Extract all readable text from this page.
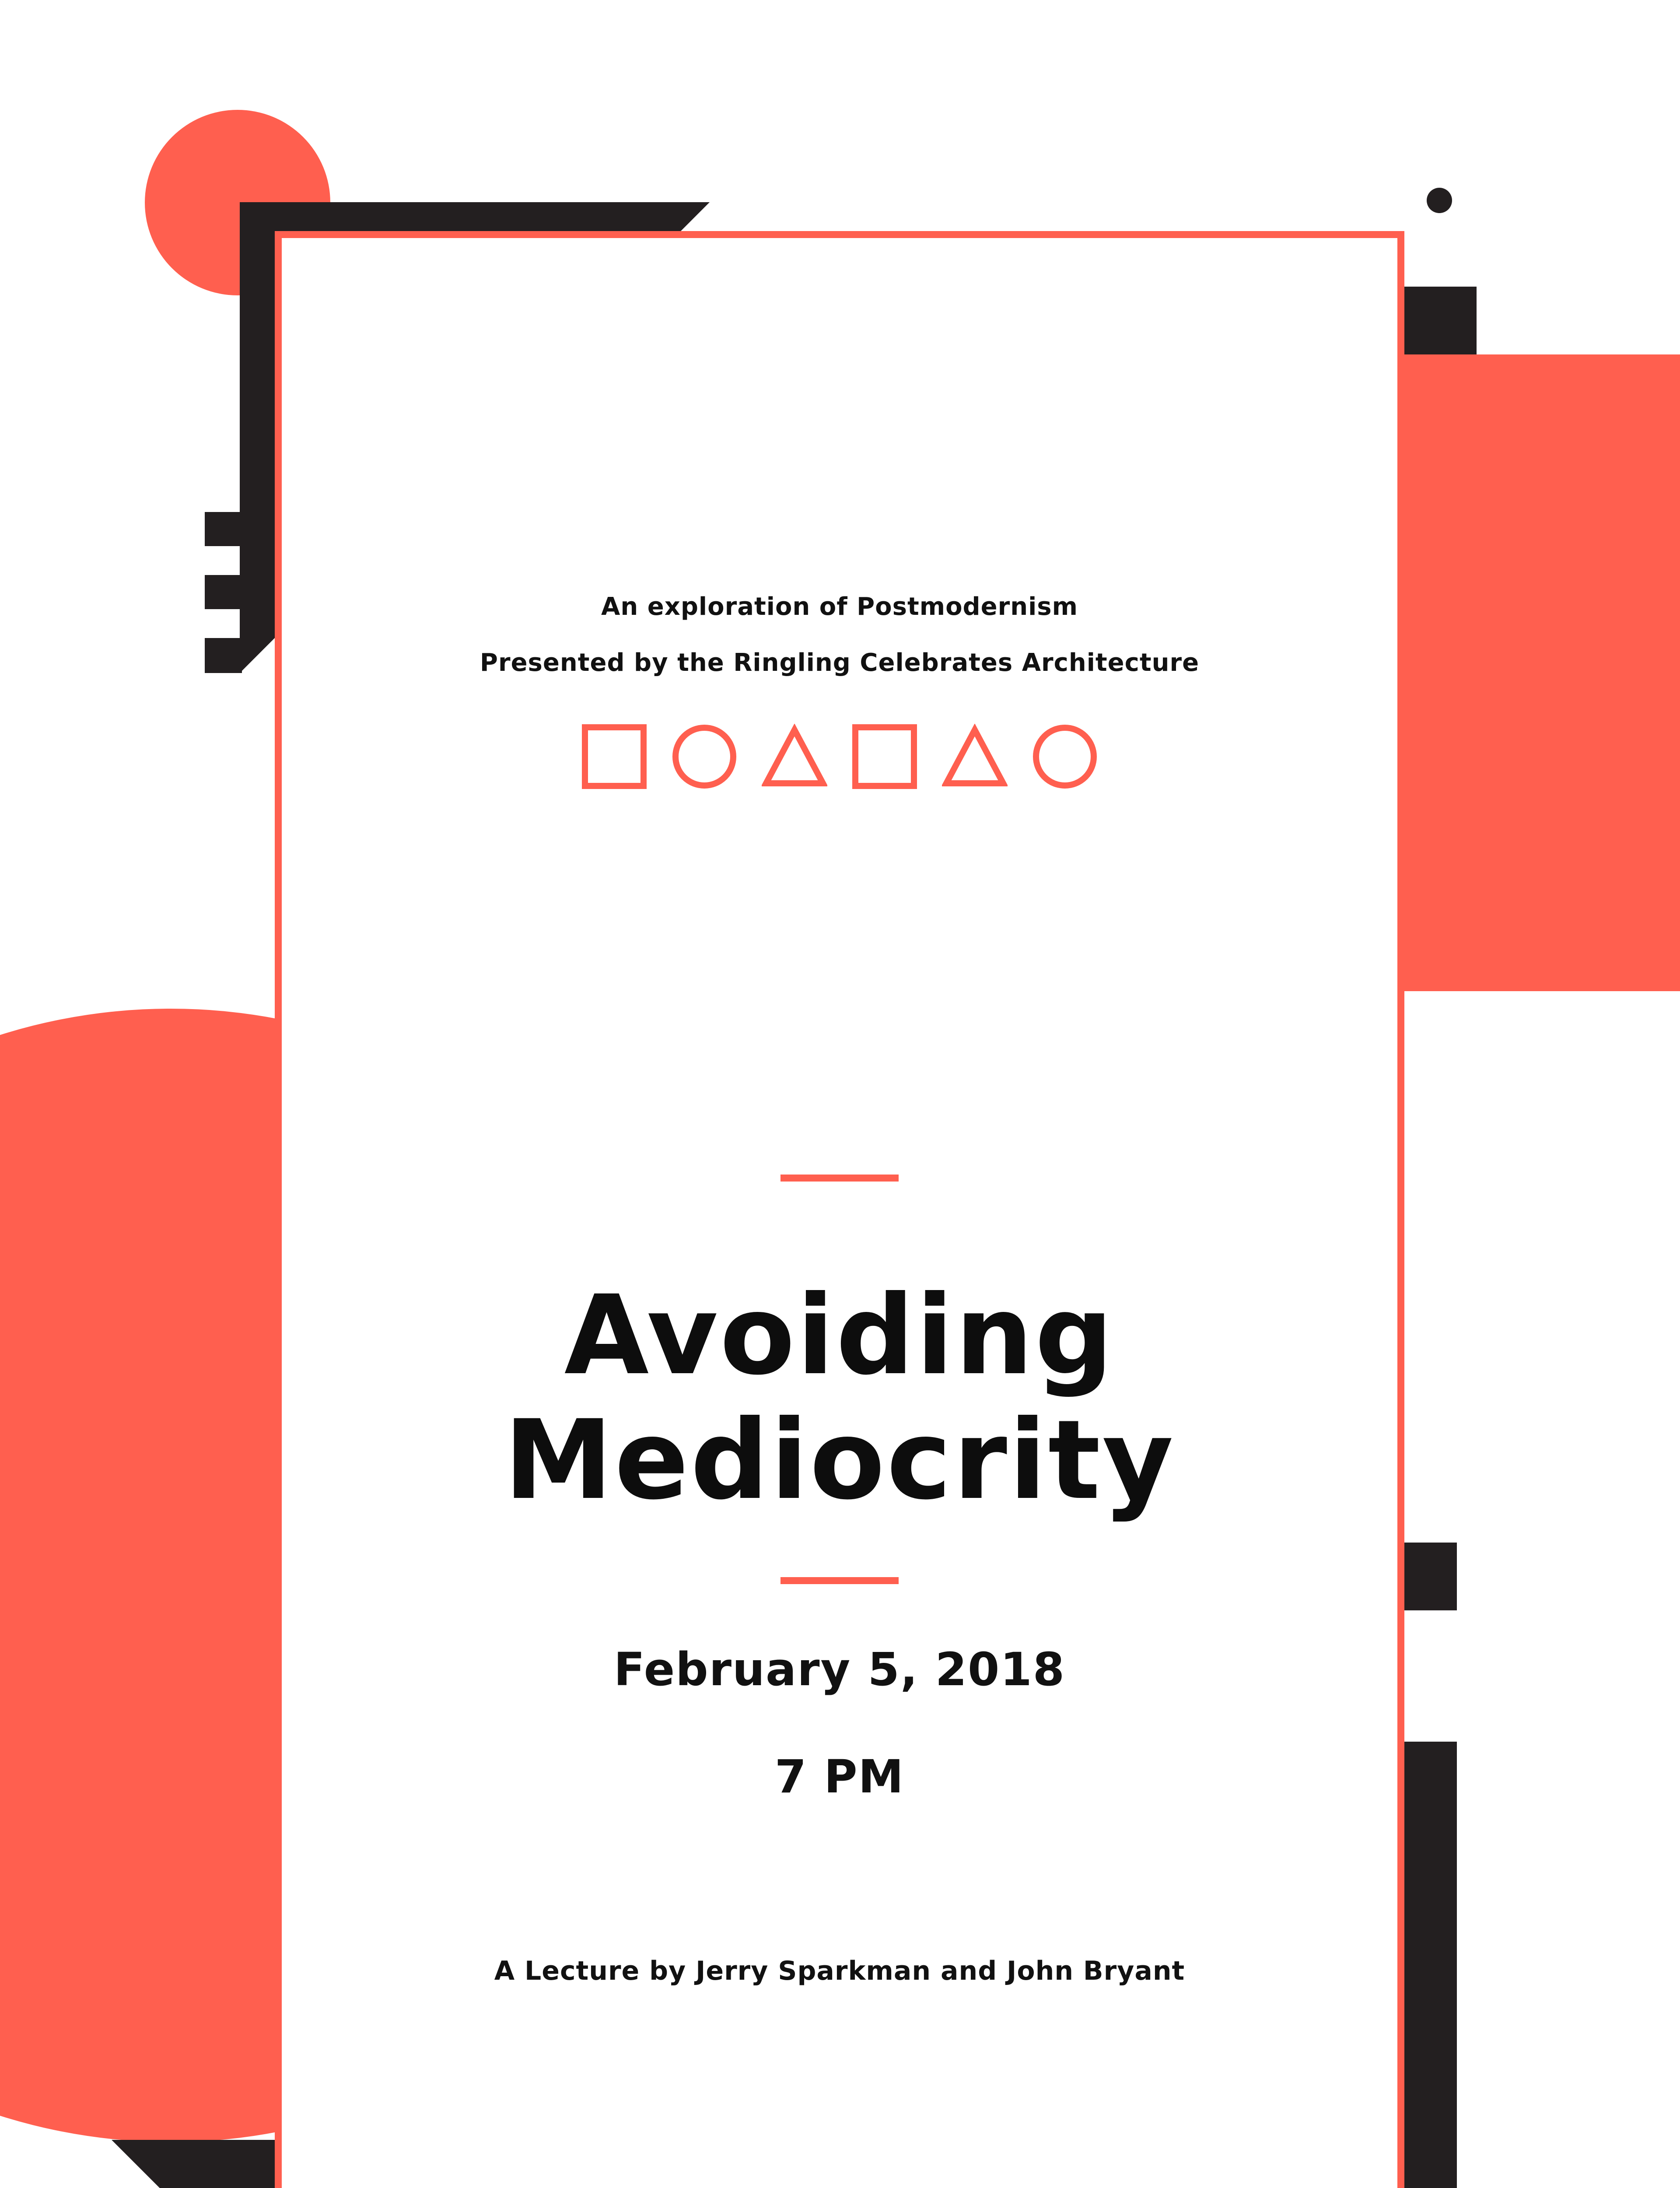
An exploration of Postmodernism
Presented by the Ringling Celebrates Architecture
Avoiding
Mediocrity
February 5, 2018
7 PM
A Lecture by Jerry Sparkman and John Bryant
